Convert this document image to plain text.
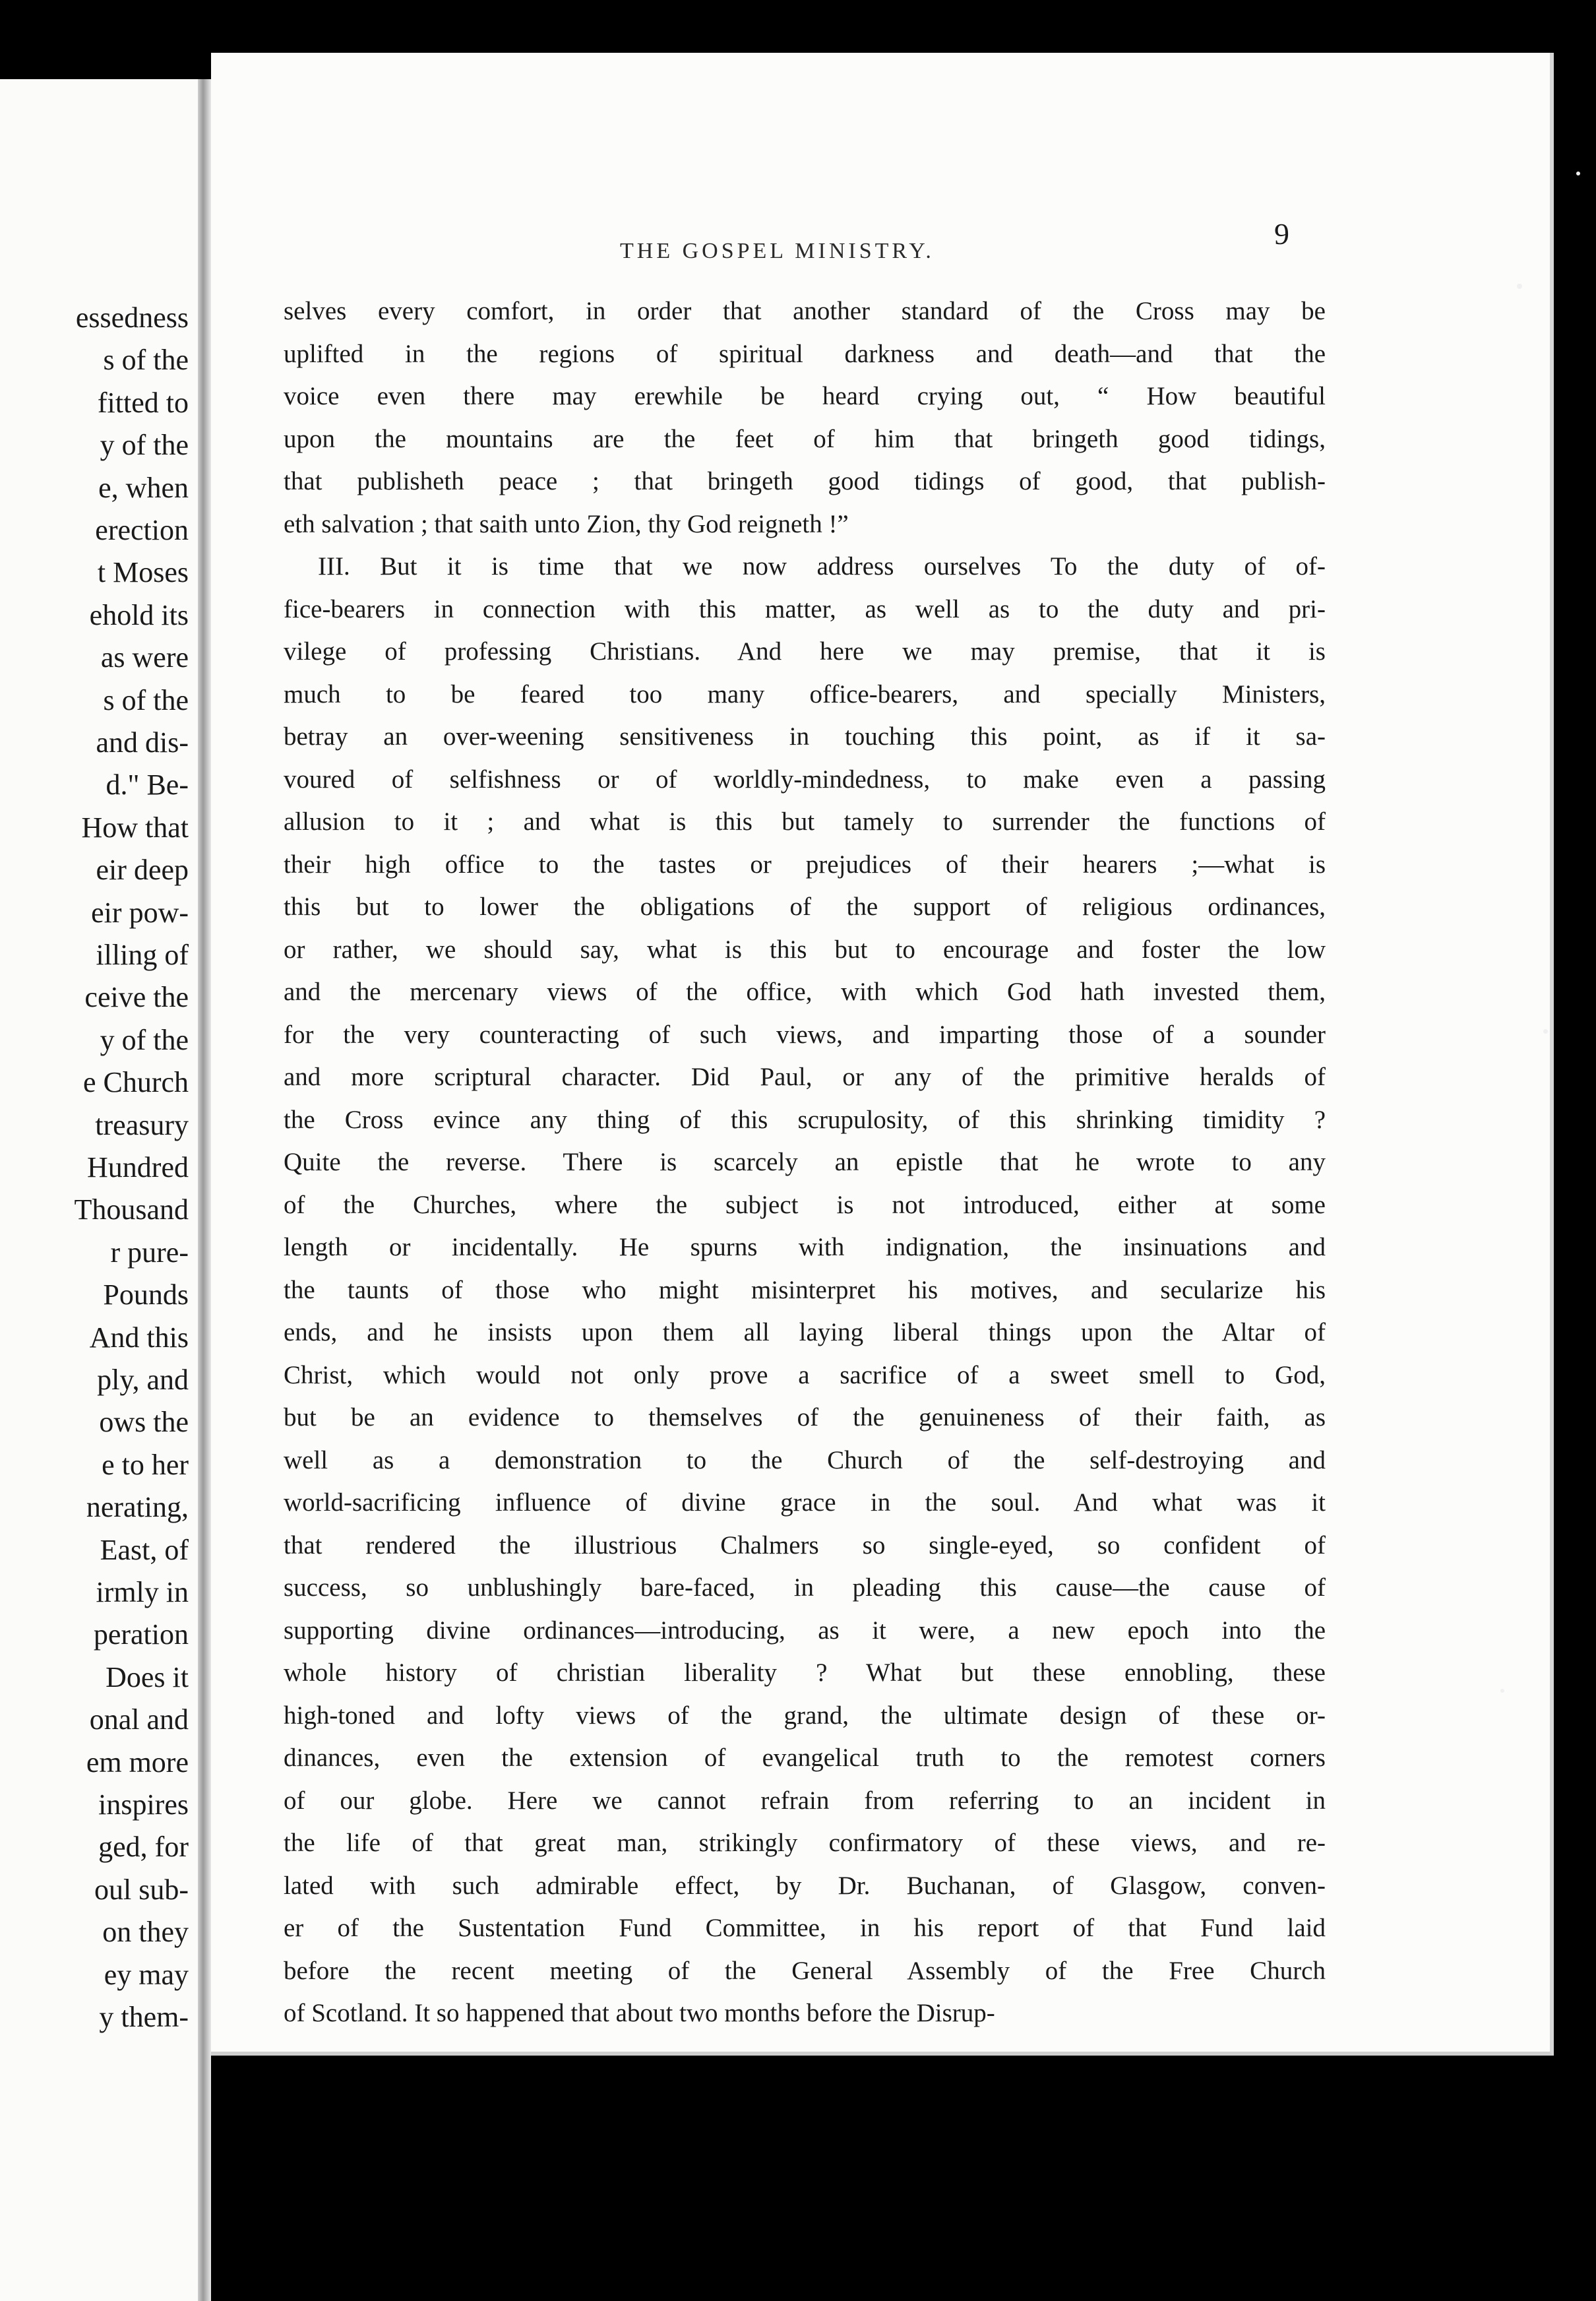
essedness
s of the
fitted to
y of the
e, when
erection
t Moses
ehold its
as were
s of the
and dis-
d." Be-
How that
eir deep
eir pow-
illing of
ceive the
y of the
e Church
treasury
Hundred
Thousand
r pure-
Pounds
And this
ply, and
ows the
e to her
nerating,
East, of
irmly in
peration
Does it
onal and
em more
inspires
ged, for
oul sub-
on they
ey may
y them-
THE GOSPEL MINISTRY.
9
selves every comfort, in order that another standard of the Cross may be
uplifted in the regions of spiritual darkness and death—and that the
voice even there may erewhile be heard crying out, “ How beautiful
upon the mountains are the feet of him that bringeth good tidings,
that publisheth peace ; that bringeth good tidings of good, that publish-
eth salvation ; that saith unto Zion, thy God reigneth !”
III. But it is time that we now address ourselves To the duty of of-
fice-bearers in connection with this matter, as well as to the duty and pri-
vilege of professing Christians. And here we may premise, that it is
much to be feared too many office-bearers, and specially Ministers,
betray an over-weening sensitiveness in touching this point, as if it sa-
voured of selfishness or of worldly-mindedness, to make even a passing
allusion to it ; and what is this but tamely to surrender the functions of
their high office to the tastes or prejudices of their hearers ;—what is
this but to lower the obligations of the support of religious ordinances,
or rather, we should say, what is this but to encourage and foster the low
and the mercenary views of the office, with which God hath invested them,
for the very counteracting of such views, and imparting those of a sounder
and more scriptural character. Did Paul, or any of the primitive heralds of
the Cross evince any thing of this scrupulosity, of this shrinking timidity ?
Quite the reverse. There is scarcely an epistle that he wrote to any
of the Churches, where the subject is not introduced, either at some
length or incidentally. He spurns with indignation, the insinuations and
the taunts of those who might misinterpret his motives, and secularize his
ends, and he insists upon them all laying liberal things upon the Altar of
Christ, which would not only prove a sacrifice of a sweet smell to God,
but be an evidence to themselves of the genuineness of their faith, as
well as a demonstration to the Church of the self-destroying and
world-sacrificing influence of divine grace in the soul. And what was it
that rendered the illustrious Chalmers so single-eyed, so confident of
success, so unblushingly bare-faced, in pleading this cause—the cause of
supporting divine ordinances—introducing, as it were, a new epoch into the
whole history of christian liberality ? What but these ennobling, these
high-toned and lofty views of the grand, the ultimate design of these or-
dinances, even the extension of evangelical truth to the remotest corners
of our globe. Here we cannot refrain from referring to an incident in
the life of that great man, strikingly confirmatory of these views, and re-
lated with such admirable effect, by Dr. Buchanan, of Glasgow, conven-
er of the Sustentation Fund Committee, in his report of that Fund laid
before the recent meeting of the General Assembly of the Free Church
of Scotland. It so happened that about two months before the Disrup-
